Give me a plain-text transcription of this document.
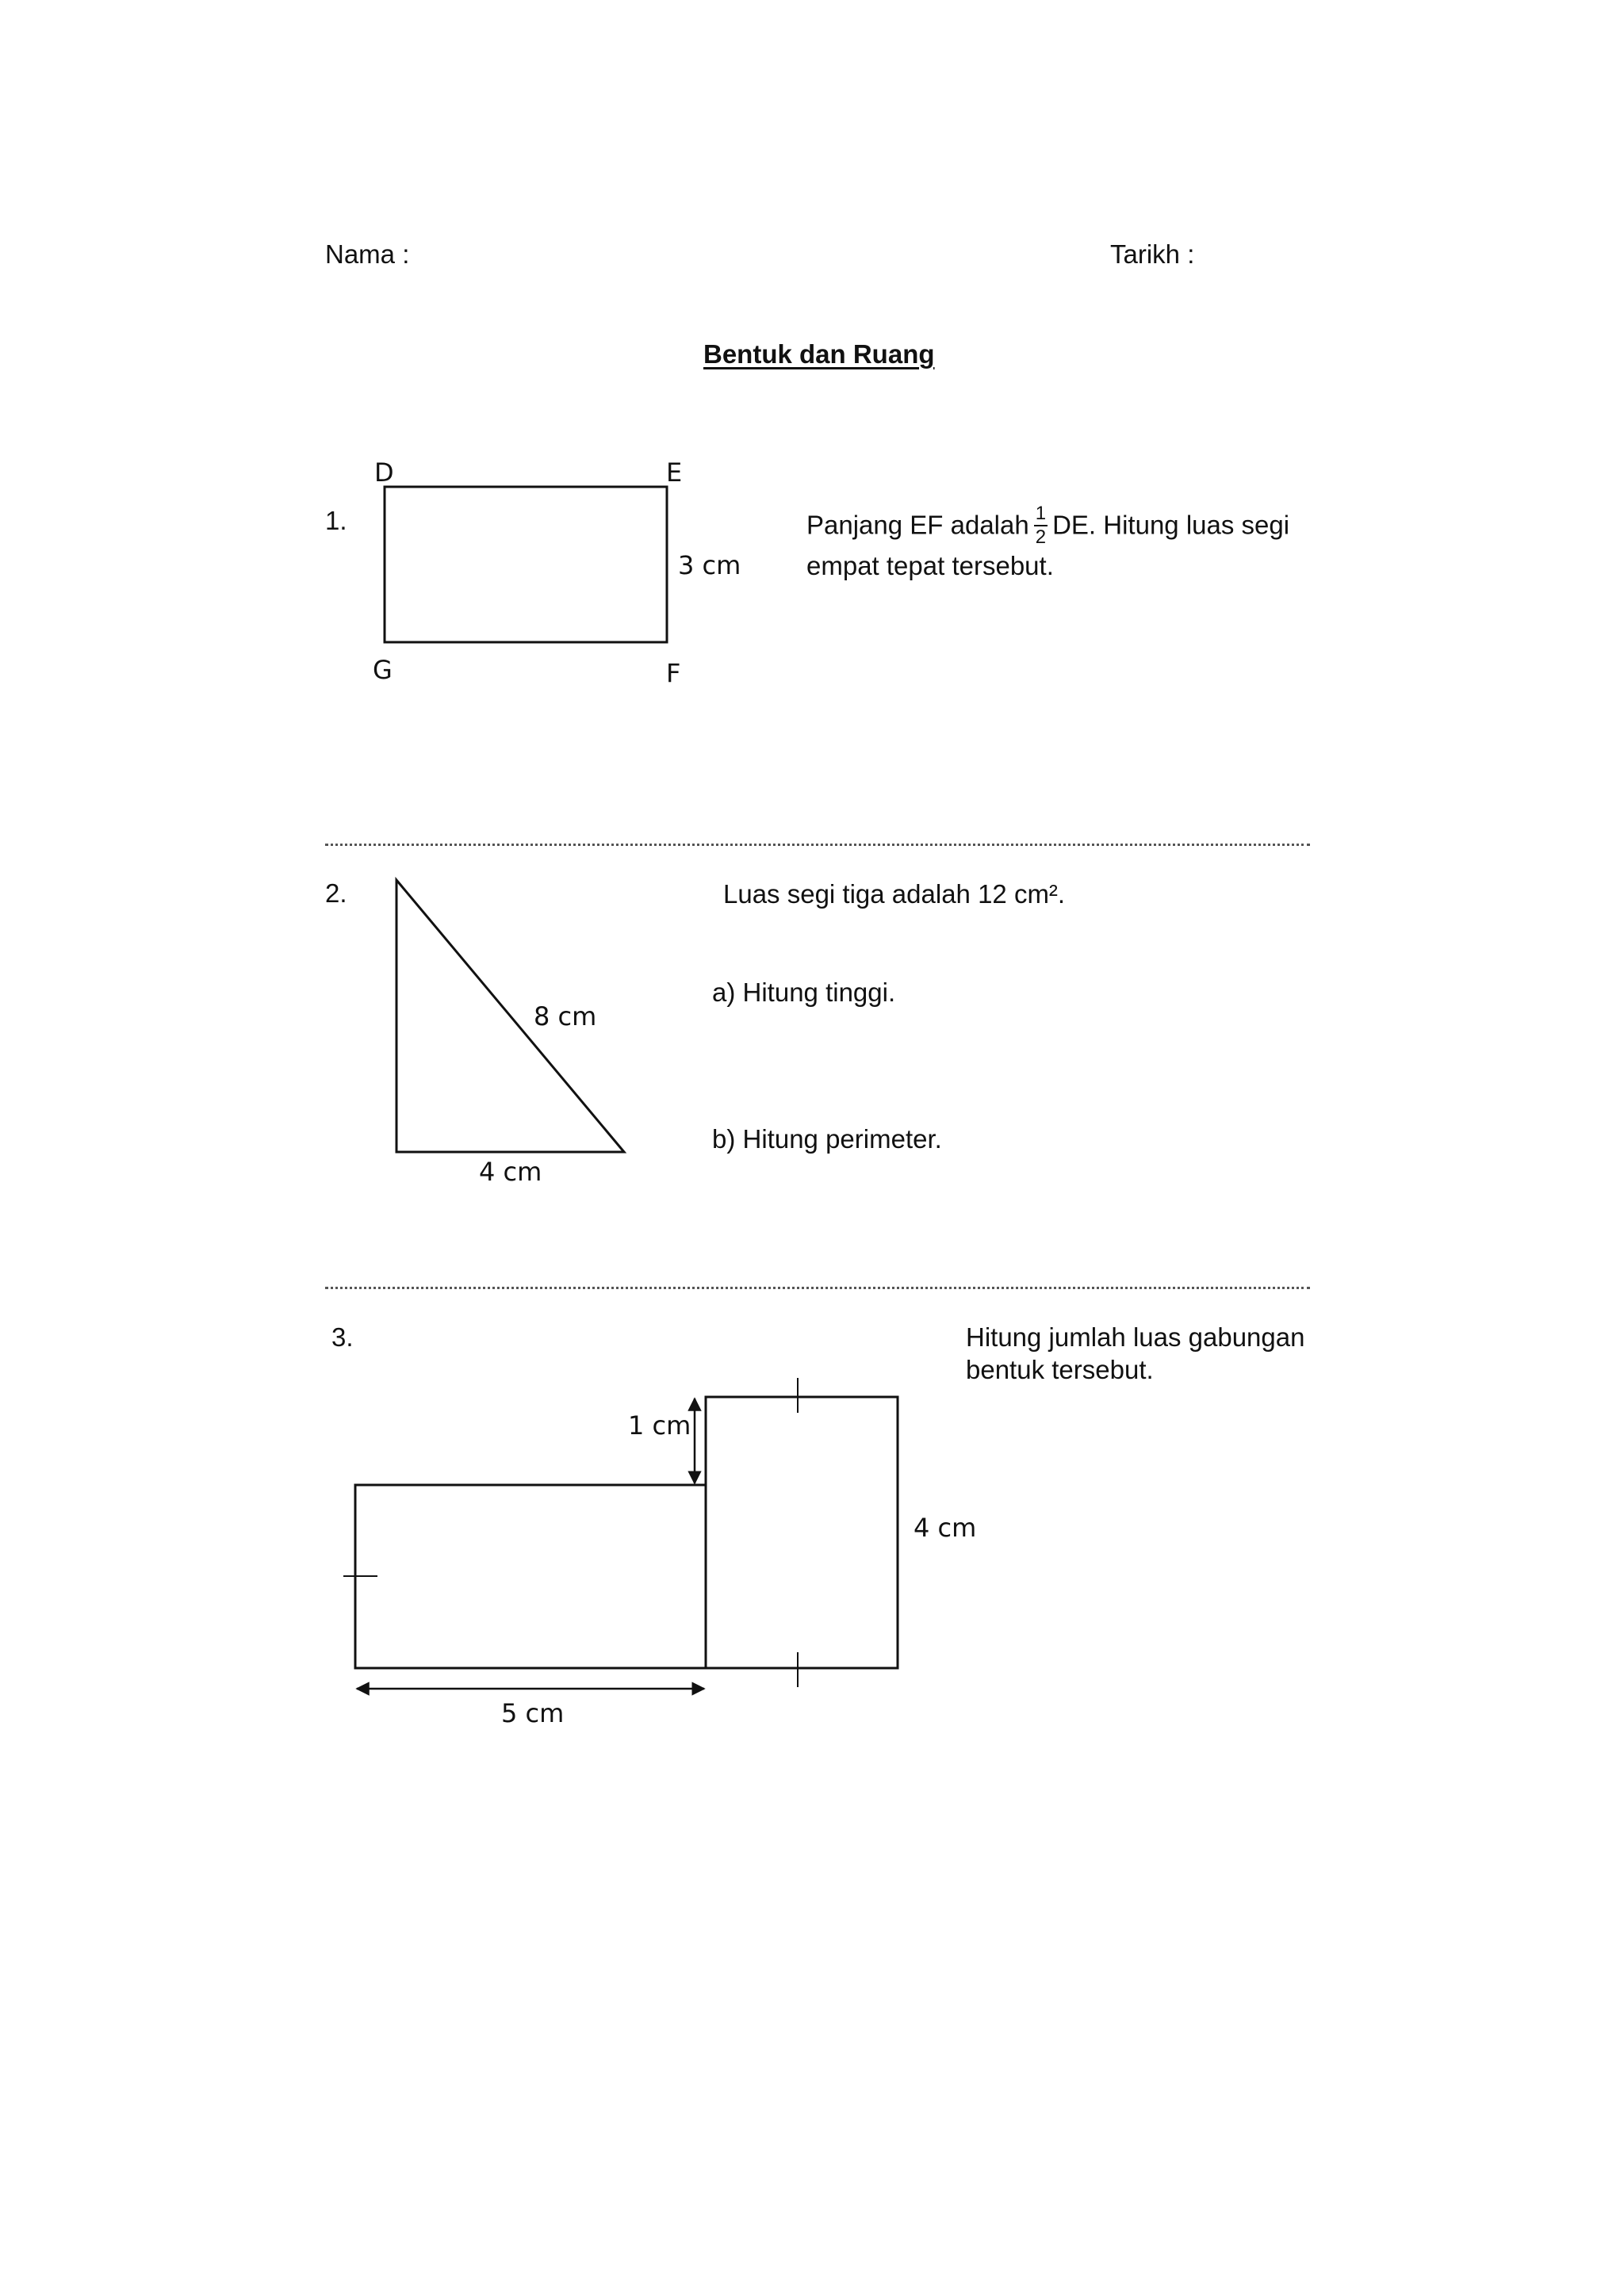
Nama :	Tarikh :
Bentuk dan Ruang
1.
D	E
G	F
3 cm
Panjang EF adalah $\frac{1}{2}$ DE. Hitung luas segi
empat tepat tersebut.
2.
8 cm
4 cm
Luas segi tiga adalah 12 cm².
a) Hitung tinggi.
b) Hitung perimeter.
3.
1 cm
4 cm
5 cm
Hitung jumlah luas gabungan
bentuk tersebut.
